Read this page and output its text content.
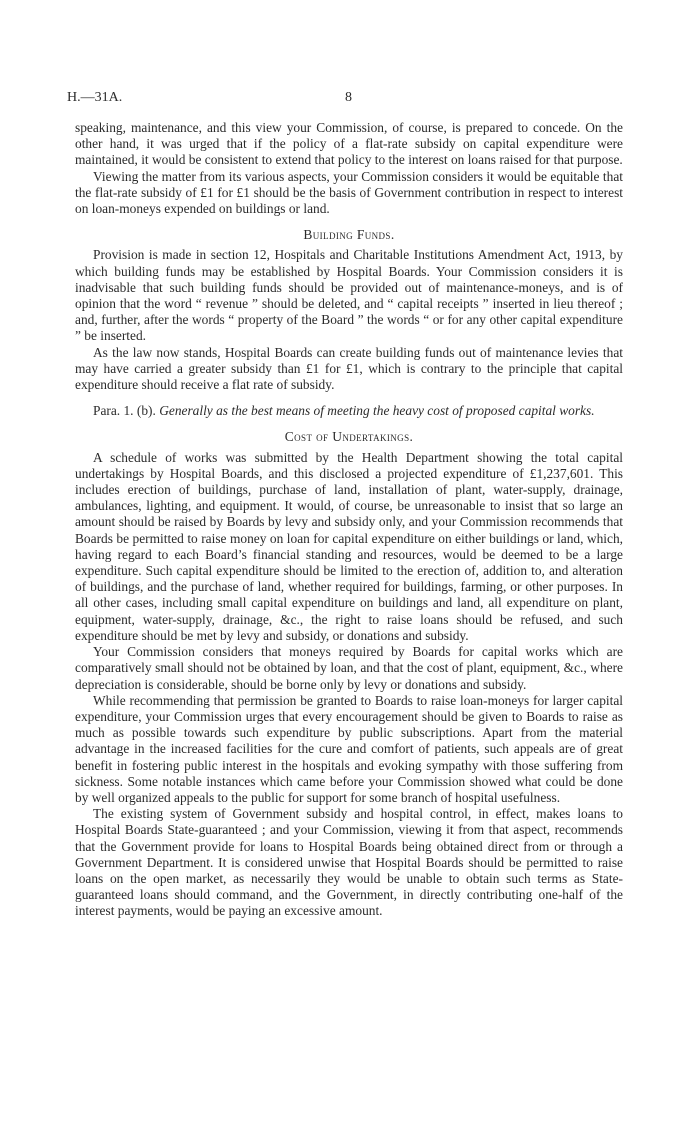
H.—31A.	8

speaking, maintenance, and this view your Commission, of course, is prepared to concede. On the other hand, it was urged that if the policy of a flat-rate subsidy on capital expenditure were maintained, it would be consistent to extend that policy to the interest on loans raised for that purpose.

Viewing the matter from its various aspects, your Commission considers it would be equitable that the flat-rate subsidy of £1 for £1 should be the basis of Government contribution in respect to interest on loan-moneys expended on buildings or land.

Building Funds.

Provision is made in section 12, Hospitals and Charitable Institutions Amendment Act, 1913, by which building funds may be established by Hospital Boards. Your Commission considers it is inadvisable that such building funds should be provided out of maintenance-moneys, and is of opinion that the word “ revenue ” should be deleted, and “ capital receipts ” inserted in lieu thereof ; and, further, after the words “ property of the Board ” the words “ or for any other capital expenditure ” be inserted.

As the law now stands, Hospital Boards can create building funds out of maintenance levies that may have carried a greater subsidy than £1 for £1, which is contrary to the principle that capital expenditure should receive a flat rate of subsidy.

Para. 1. (b). Generally as the best means of meeting the heavy cost of proposed capital works.

Cost of Undertakings.

A schedule of works was submitted by the Health Department showing the total capital undertakings by Hospital Boards, and this disclosed a projected expenditure of £1,237,601. This includes erection of buildings, purchase of land, installation of plant, water-supply, drainage, ambulances, lighting, and equipment. It would, of course, be unreasonable to insist that so large an amount should be raised by Boards by levy and subsidy only, and your Commission recommends that Boards be permitted to raise money on loan for capital expenditure on either buildings or land, which, having regard to each Board’s financial standing and resources, would be deemed to be a large expenditure. Such capital expenditure should be limited to the erection of, addition to, and alteration of buildings, and the purchase of land, whether required for buildings, farming, or other purposes. In all other cases, including small capital expenditure on buildings and land, all expenditure on plant, equipment, water-supply, drainage, &c., the right to raise loans should be refused, and such expenditure should be met by levy and subsidy, or donations and subsidy.

Your Commission considers that moneys required by Boards for capital works which are comparatively small should not be obtained by loan, and that the cost of plant, equipment, &c., where depreciation is considerable, should be borne only by levy or donations and subsidy.

While recommending that permission be granted to Boards to raise loan-moneys for larger capital expenditure, your Commission urges that every encouragement should be given to Boards to raise as much as possible towards such expenditure by public subscriptions. Apart from the material advantage in the increased facilities for the cure and comfort of patients, such appeals are of great benefit in fostering public interest in the hospitals and evoking sympathy with those suffering from sickness. Some notable instances which came before your Commission showed what could be done by well organized appeals to the public for support for some branch of hospital usefulness.

The existing system of Government subsidy and hospital control, in effect, makes loans to Hospital Boards State-guaranteed ; and your Commission, viewing it from that aspect, recommends that the Government provide for loans to Hospital Boards being obtained direct from or through a Government Department. It is considered unwise that Hospital Boards should be permitted to raise loans on the open market, as necessarily they would be unable to obtain such terms as State-guaranteed loans should command, and the Government, in directly contributing one-half of the interest payments, would be paying an excessive amount.
